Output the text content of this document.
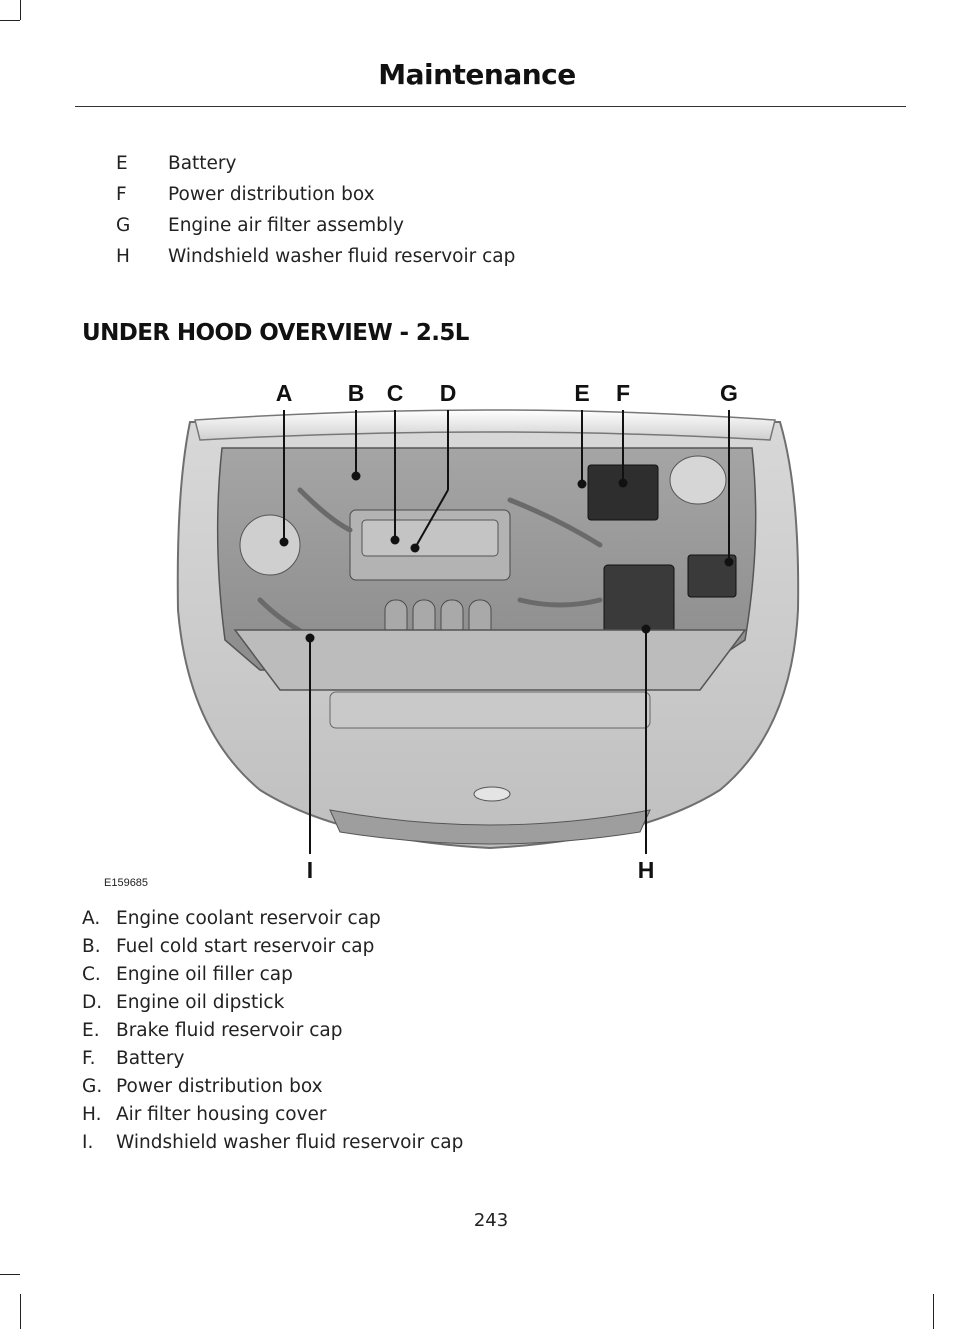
Maintenance
E	Battery
F	Power distribution box
G	Engine air filter assembly
H	Windshield washer fluid reservoir cap
UNDER HOOD OVERVIEW - 2.5L
A B C D	E F	G
H
I
E159685
A. Engine coolant reservoir cap
B. Fuel cold start reservoir cap
C. Engine oil filler cap
D. Engine oil dipstick
E. Brake fluid reservoir cap
F.	Battery
G. Power distribution box
H. Air filter housing cover
I.	Windshield washer fluid reservoir cap
243
